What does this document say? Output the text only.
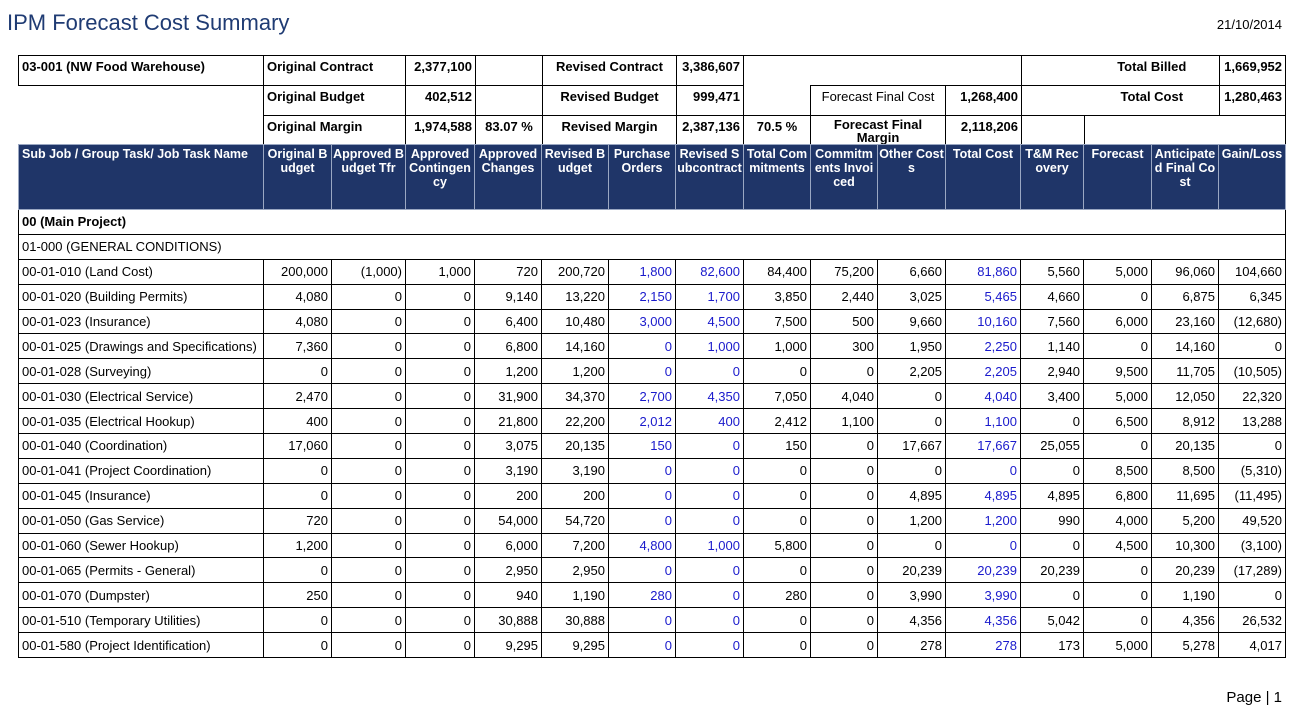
IPM Forecast Cost Summary	21/10/2014
03-001 (NW Food Warehouse)	Original Contract	2,377,100		Revised Contract	3,386,607					Total Billed	1,669,952
	Original Budget	402,512		Revised Budget	999,471		Forecast Final Cost	1,268,400		Total Cost	1,280,463
	Original Margin	1,974,588	83.07 %	Revised Margin	2,387,136	70.5 %	Forecast Final Margin	2,118,206			
Sub Job / Group Task/ Job Task Name	Original Budget	Approved Budget Tfr	Approved Contingency	Approved Changes	Revised Budget	Purchase Orders	Revised Subcontract	Total Commitments	Commitments Invoiced	Other Costs	Total Cost	T&M Recovery	Forecast	Anticipated Final Cost	Gain/Loss
00 (Main Project)															
01-000 (GENERAL CONDITIONS)															
00-01-010 (Land Cost)	200,000	(1,000)	1,000	720	200,720	1,800	82,600	84,400	75,200	6,660	81,860	5,560	5,000	96,060	104,660
00-01-020 (Building Permits)	4,080	0	0	9,140	13,220	2,150	1,700	3,850	2,440	3,025	5,465	4,660	0	6,875	6,345
00-01-023 (Insurance)	4,080	0	0	6,400	10,480	3,000	4,500	7,500	500	9,660	10,160	7,560	6,000	23,160	(12,680)
00-01-025 (Drawings and Specifications)	7,360	0	0	6,800	14,160	0	1,000	1,000	300	1,950	2,250	1,140	0	14,160	0
00-01-028 (Surveying)	0	0	0	1,200	1,200	0	0	0	0	2,205	2,205	2,940	9,500	11,705	(10,505)
00-01-030 (Electrical Service)	2,470	0	0	31,900	34,370	2,700	4,350	7,050	4,040	0	4,040	3,400	5,000	12,050	22,320
00-01-035 (Electrical Hookup)	400	0	0	21,800	22,200	2,012	400	2,412	1,100	0	1,100	0	6,500	8,912	13,288
00-01-040 (Coordination)	17,060	0	0	3,075	20,135	150	0	150	0	17,667	17,667	25,055	0	20,135	0
00-01-041 (Project Coordination)	0	0	0	3,190	3,190	0	0	0	0	0	0	0	8,500	8,500	(5,310)
00-01-045 (Insurance)	0	0	0	200	200	0	0	0	0	4,895	4,895	4,895	6,800	11,695	(11,495)
00-01-050 (Gas Service)	720	0	0	54,000	54,720	0	0	0	0	1,200	1,200	990	4,000	5,200	49,520
00-01-060 (Sewer Hookup)	1,200	0	0	6,000	7,200	4,800	1,000	5,800	0	0	0	0	4,500	10,300	(3,100)
00-01-065 (Permits - General)	0	0	0	2,950	2,950	0	0	0	0	20,239	20,239	20,239	0	20,239	(17,289)
00-01-070 (Dumpster)	250	0	0	940	1,190	280	0	280	0	3,990	3,990	0	0	1,190	0
00-01-510 (Temporary Utilities)	0	0	0	30,888	30,888	0	0	0	0	4,356	4,356	5,042	0	4,356	26,532
00-01-580 (Project Identification)	0	0	0	9,295	9,295	0	0	0	0	278	278	173	5,000	5,278	4,017
Page | 1
